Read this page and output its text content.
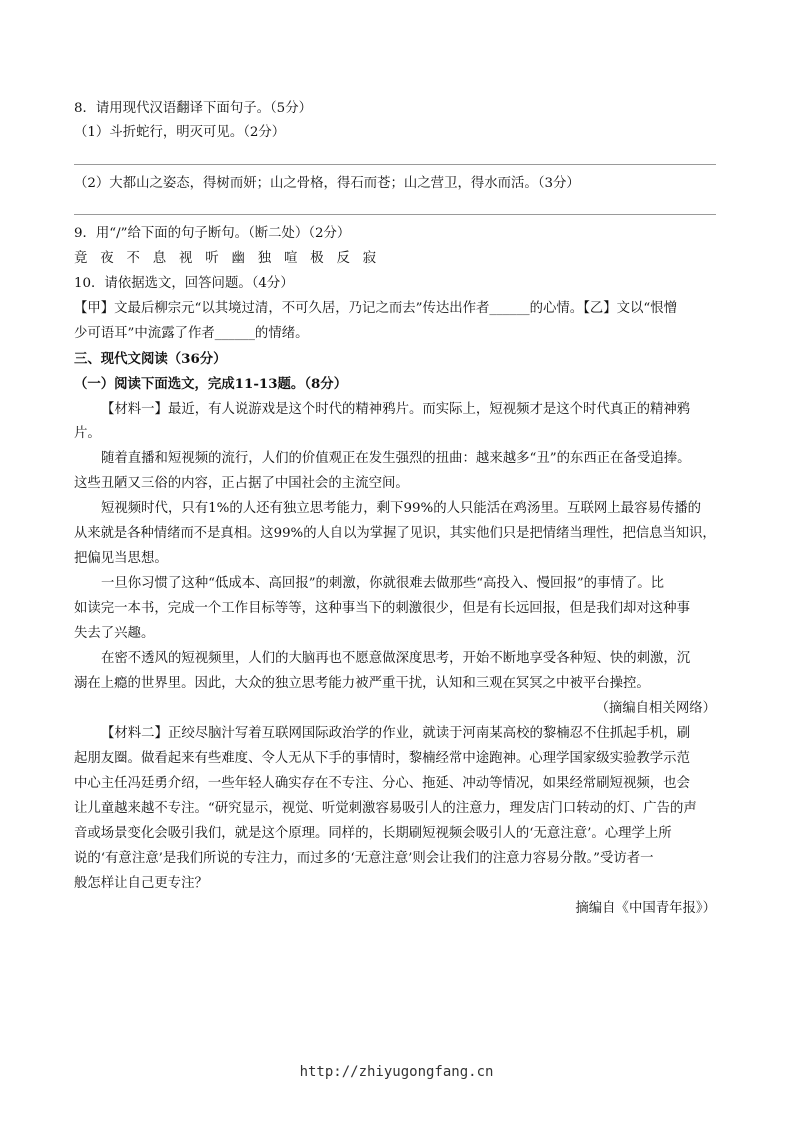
8．请用现代汉语翻译下面句子。（5分）
（1）斗折蛇行，明灭可见。（2分）
（2）大都山之姿态，得树而妍；山之骨格，得石而苍；山之营卫，得水而活。（3分）
9．用“/”给下面的句子断句。（断二处）（2分）
竟 夜 不 息 视 听 幽 独 喧 极 反 寂
10．请依据选文，回答问题。（4分）
【甲】文最后柳宗元“以其境过清，不可久居，乃记之而去”传达出作者______的心情。【乙】文以“恨憎
少可语耳”中流露了作者______的情绪。
三、现代文阅读（36分）
（一）阅读下面选文，完成11-13题。（8分）
【材料一】最近，有人说游戏是这个时代的精神鸦片。而实际上，短视频才是这个时代真正的精神鸦
片。
随着直播和短视频的流行，人们的价值观正在发生强烈的扭曲：越来越多“丑”的东西正在备受追捧。
这些丑陋又三俗的内容，正占据了中国社会的主流空间。
短视频时代，只有1%的人还有独立思考能力，剩下99%的人只能活在鸡汤里。互联网上最容易传播的
从来就是各种情绪而不是真相。这99%的人自以为掌握了见识，其实他们只是把情绪当理性，把信息当知识，
把偏见当思想。
一旦你习惯了这种“低成本、高回报”的刺激，你就很难去做那些“高投入、慢回报”的事情了。比
如读完一本书，完成一个工作目标等等，这种事当下的刺激很少，但是有长远回报，但是我们却对这种事
失去了兴趣。
在密不透风的短视频里，人们的大脑再也不愿意做深度思考，开始不断地享受各种短、快的刺激，沉
溺在上瘾的世界里。因此，大众的独立思考能力被严重干扰，认知和三观在冥冥之中被平台操控。
（摘编自相关网络）
【材料二】正绞尽脑汁写着互联网国际政治学的作业，就读于河南某高校的黎楠忍不住抓起手机，刷
起朋友圈。做看起来有些难度、令人无从下手的事情时，黎楠经常中途跑神。心理学国家级实验教学示范
中心主任冯廷勇介绍，一些年轻人确实存在不专注、分心、拖延、冲动等情况，如果经常刷短视频，也会
让儿童越来越不专注。“研究显示，视觉、听觉刺激容易吸引人的注意力，理发店门口转动的灯、广告的声
音或场景变化会吸引我们，就是这个原理。同样的，长期刷短视频会吸引人的‘无意注意’。心理学上所
说的‘有意注意’是我们所说的专注力，而过多的‘无意注意’则会让我们的注意力容易分散。”受访者一
般怎样让自己更专注？
摘编自《中国青年报》）
http://zhiyugongfang.cn
